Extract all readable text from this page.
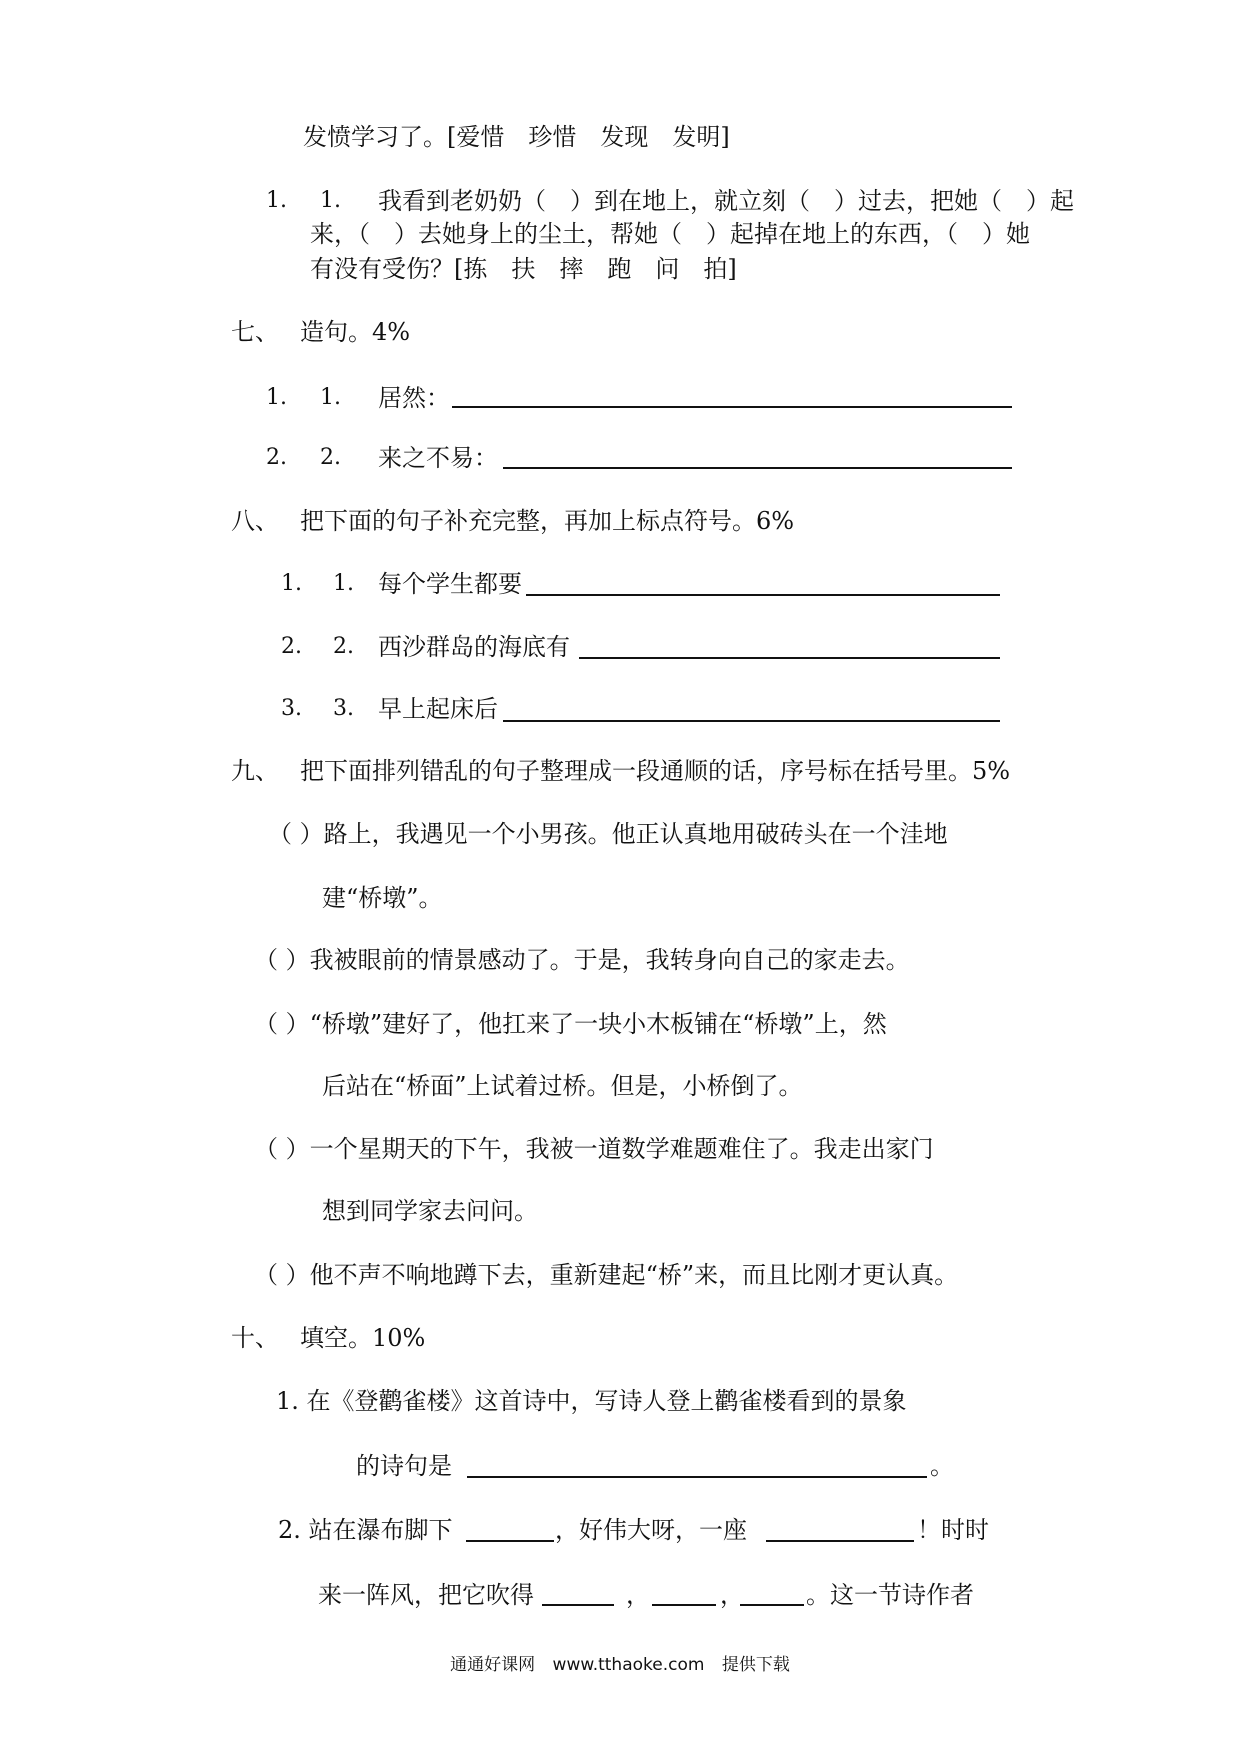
发愤学习了。[爱惜　珍惜　发现　发明]
1. 1. 我看到老奶奶（　）到在地上，就立刻（　）过去，把她（　）起
来，（　）去她身上的尘土，帮她（　）起掉在地上的东西，（　）她
有没有受伤？[拣　扶　摔　跑　问　拍]
七、 造句。4%
1. 1. 居然：
2. 2. 来之不易：
八、 把下面的句子补充完整，再加上标点符号。6%
1. 1. 每个学生都要
2. 2. 西沙群岛的海底有
3. 3. 早上起床后
九、 把下面排列错乱的句子整理成一段通顺的话，序号标在括号里。5%
（ ）路上，我遇见一个小男孩。他正认真地用破砖头在一个洼地
建“桥墩”。
（ ）我被眼前的情景感动了。于是，我转身向自己的家走去。
（ ）“桥墩”建好了，他扛来了一块小木板铺在“桥墩”上，然
后站在“桥面”上试着过桥。但是，小桥倒了。
（ ）一个星期天的下午，我被一道数学难题难住了。我走出家门
想到同学家去问问。
（ ）他不声不响地蹲下去，重新建起“桥”来，而且比刚才更认真。
十、 填空。10%
1. 在《登鹳雀楼》这首诗中，写诗人登上鹳雀楼看到的景象
的诗句是	。
2. 站在瀑布脚下	，好伟大呀，一座	！时时
来一阵风，把它吹得	，	，	。这一节诗作者
通通好课网 www.tthaoke.com 提供下载
